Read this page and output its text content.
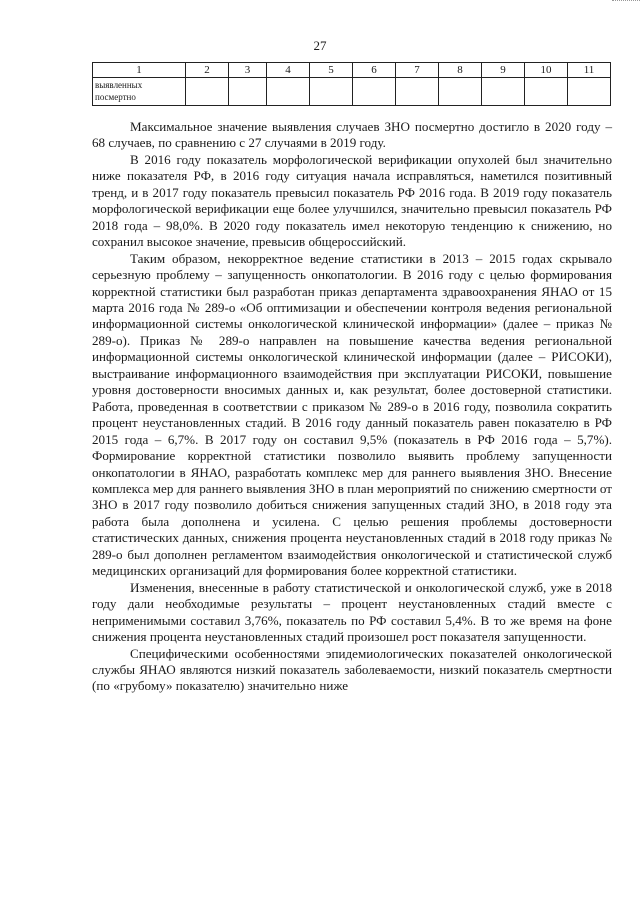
27
1	2	3	4	5	6	7	8	9	10	11
выявленных посмертно										

Максимальное значение выявления случаев ЗНО посмертно достигло в 2020 году – 68 случаев, по сравнению с 27 случаями в 2019 году.

В 2016 году показатель морфологической верификации опухолей был значительно ниже показателя РФ, в 2016 году ситуация начала исправляться, наметился позитивный тренд, и в 2017 году показатель превысил показатель РФ 2016 года. В 2019 году показатель морфологической верификации еще более улучшился, значительно превысил показатель РФ 2018 года – 98,0%. В 2020 году показатель имел некоторую тенденцию к снижению, но сохранил высокое значение, превысив общероссийский.

Таким образом, некорректное ведение статистики в 2013 – 2015 годах скрывало серьезную проблему – запущенность онкопатологии. В 2016 году с целью формирования корректной статистики был разработан приказ департамента здравоохранения ЯНАО от 15 марта 2016 года № 289-о «Об оптимизации и обеспечении контроля ведения региональной информационной системы онкологической клинической информации» (далее – приказ № 289-о). Приказ № 289-о направлен на повышение качества ведения региональной информационной системы онкологической клинической информации (далее – РИСОКИ), выстраивание информационного взаимодействия при эксплуатации РИСОКИ, повышение уровня достоверности вносимых данных и, как результат, более достоверной статистики. Работа, проведенная в соответствии с приказом № 289-о в 2016 году, позволила сократить процент неустановленных стадий. В 2016 году данный показатель равен показателю в РФ 2015 года – 6,7%. В 2017 году он составил 9,5% (показатель в РФ 2016 года – 5,7%). Формирование корректной статистики позволило выявить проблему запущенности онкопатологии в ЯНАО, разработать комплекс мер для раннего выявления ЗНО. Внесение комплекса мер для раннего выявления ЗНО в план мероприятий по снижению смертности от ЗНО в 2017 году позволило добиться снижения запущенных стадий ЗНО, в 2018 году эта работа была дополнена и усилена. С целью решения проблемы достоверности статистических данных, снижения процента неустановленных стадий в 2018 году приказ № 289-о был дополнен регламентом взаимодействия онкологической и статистической служб медицинских организаций для формирования более корректной статистики.

Изменения, внесенные в работу статистической и онкологической служб, уже в 2018 году дали необходимые результаты – процент неустановленных стадий вместе с неприменимыми составил 3,76%, показатель по РФ составил 5,4%. В то же время на фоне снижения процента неустановленных стадий произошел рост показателя запущенности.

Специфическими особенностями эпидемиологических показателей онкологической службы ЯНАО являются низкий показатель заболеваемости, низкий показатель смертности (по «грубому» показателю) значительно ниже
